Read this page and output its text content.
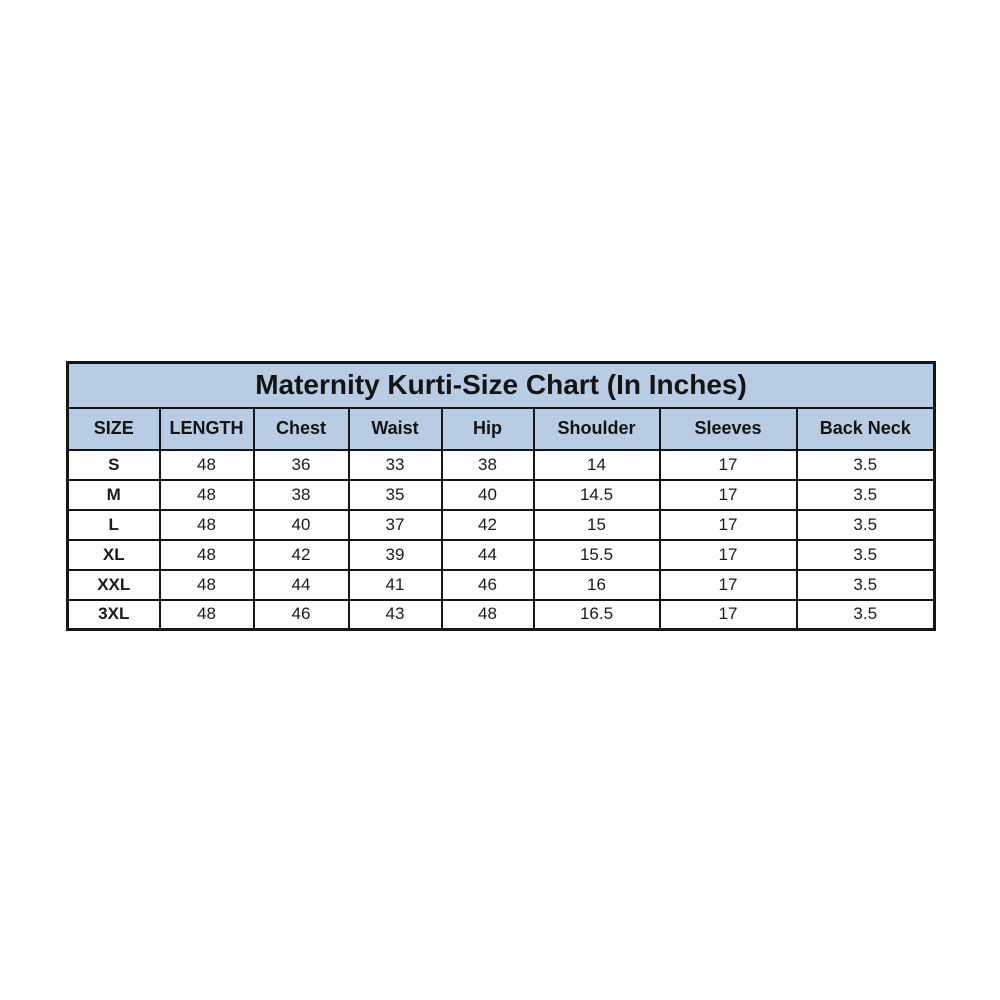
Maternity Kurti-Size Chart (In Inches)							
SIZE	LENGTH	Chest	Waist	Hip	Shoulder	Sleeves	Back Neck
S	48	36	33	38	14	17	3.5
M	48	38	35	40	14.5	17	3.5
L	48	40	37	42	15	17	3.5
XL	48	42	39	44	15.5	17	3.5
XXL	48	44	41	46	16	17	3.5
3XL	48	46	43	48	16.5	17	3.5
